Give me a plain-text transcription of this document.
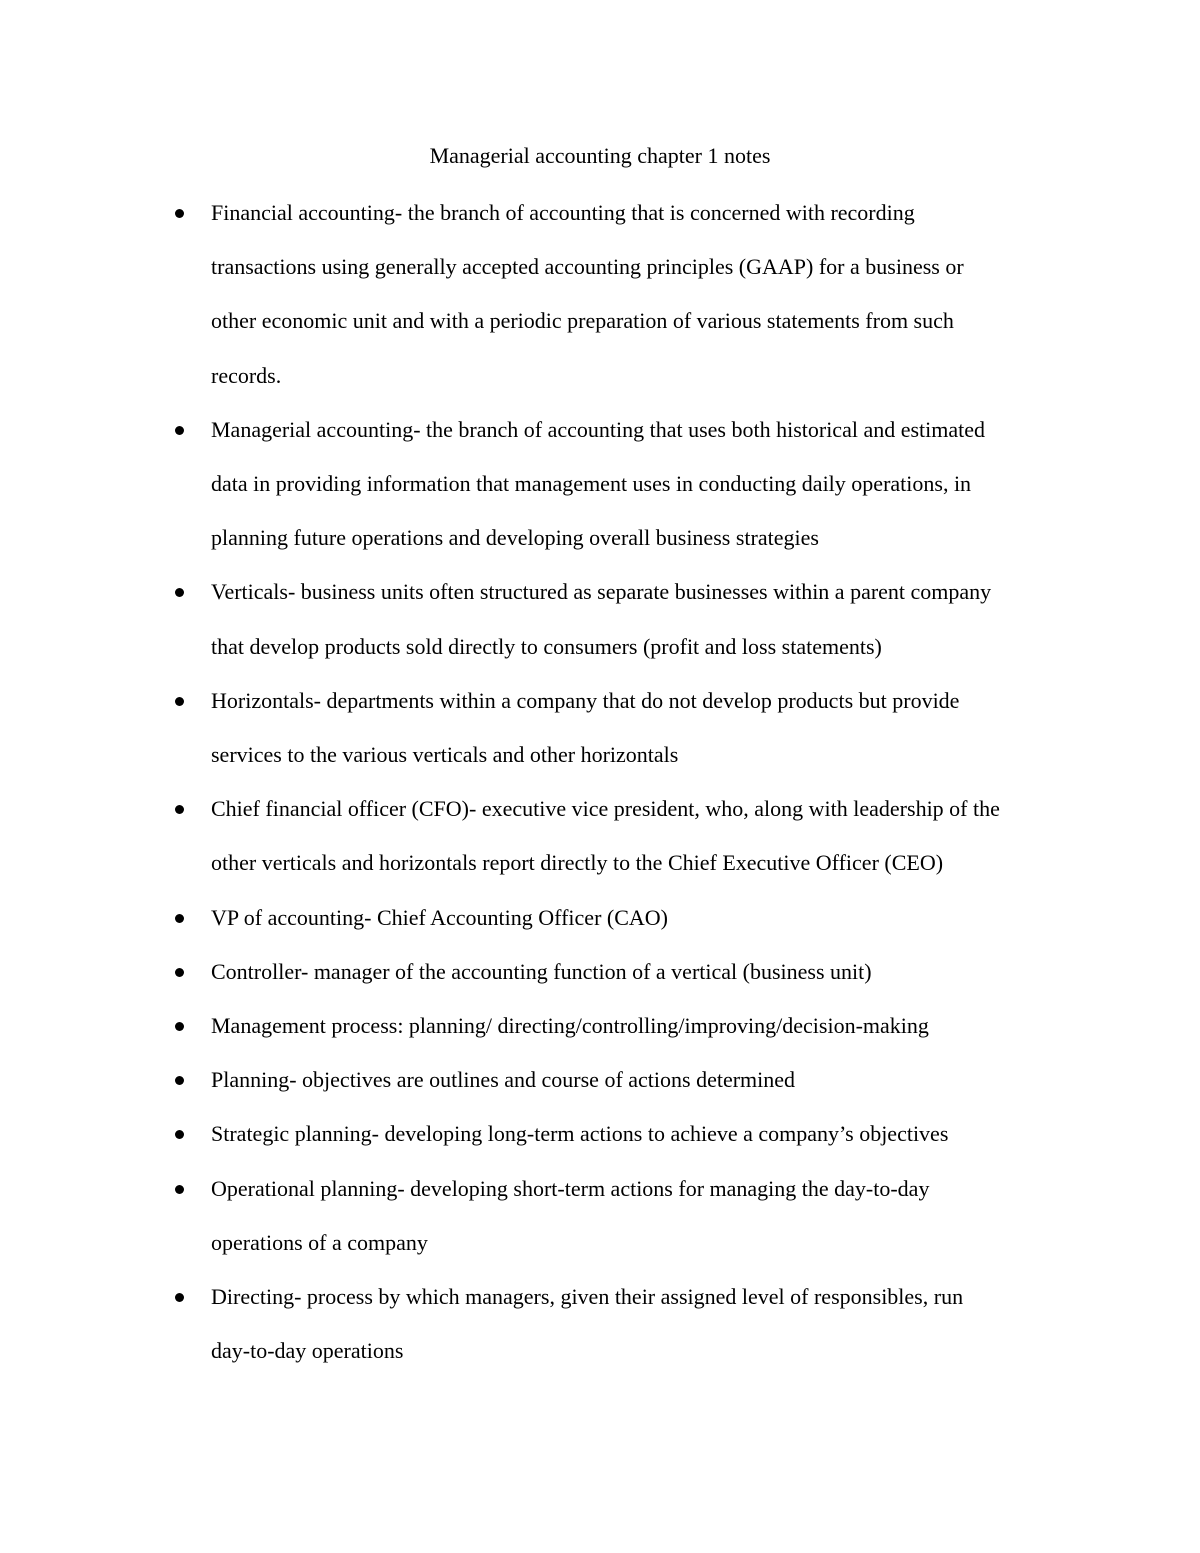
Managerial accounting chapter 1 notes
Financial accounting- the branch of accounting that is concerned with recording
transactions using generally accepted accounting principles (GAAP) for a business or
other economic unit and with a periodic preparation of various statements from such
records.
Managerial accounting- the branch of accounting that uses both historical and estimated
data in providing information that management uses in conducting daily operations, in
planning future operations and developing overall business strategies
Verticals- business units often structured as separate businesses within a parent company
that develop products sold directly to consumers (profit and loss statements)
Horizontals- departments within a company that do not develop products but provide
services to the various verticals and other horizontals
Chief financial officer (CFO)- executive vice president, who, along with leadership of the
other verticals and horizontals report directly to the Chief Executive Officer (CEO)
VP of accounting- Chief Accounting Officer (CAO)
Controller- manager of the accounting function of a vertical (business unit)
Management process: planning/ directing/controlling/improving/decision-making
Planning- objectives are outlines and course of actions determined
Strategic planning- developing long-term actions to achieve a company’s objectives
Operational planning- developing short-term actions for managing the day-to-day
operations of a company
Directing- process by which managers, given their assigned level of responsibles, run
day-to-day operations
